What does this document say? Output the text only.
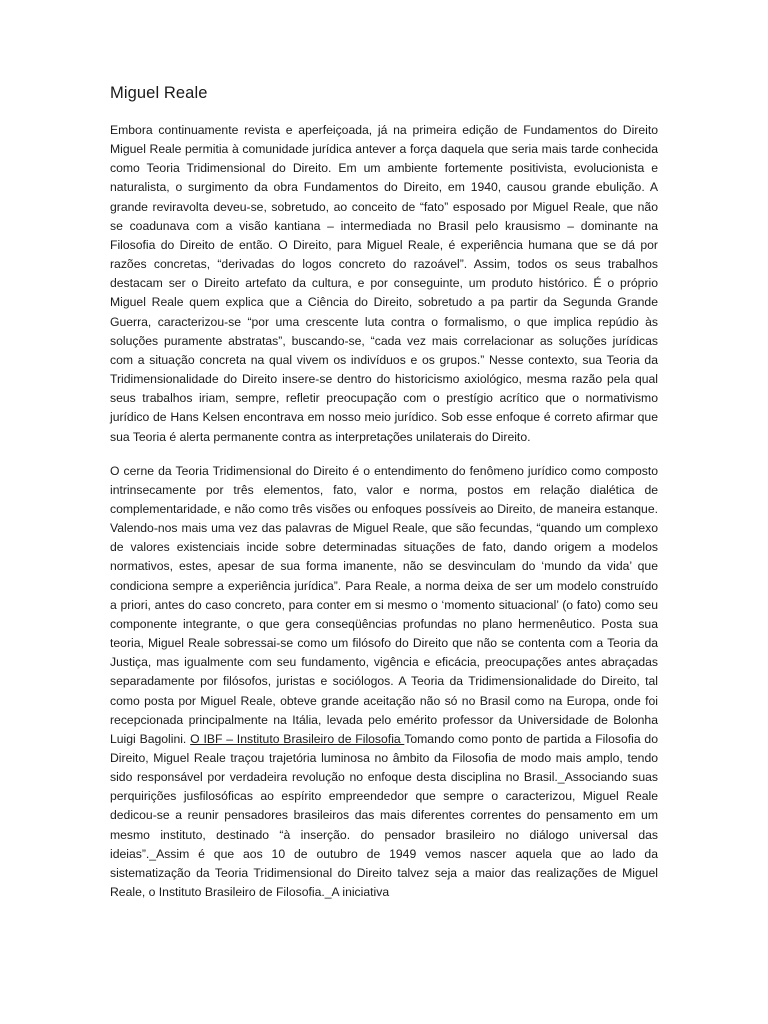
Miguel Reale

Embora continuamente revista e aperfeiçoada, já na primeira edição de Fundamentos do Direito Miguel Reale permitia à comunidade jurídica antever a força daquela que seria mais tarde conhecida como Teoria Tridimensional do Direito. Em um ambiente fortemente positivista, evolucionista e naturalista, o surgimento da obra Fundamentos do Direito, em 1940, causou grande ebulição. A grande reviravolta deveu-se, sobretudo, ao conceito de “fato” esposado por Miguel Reale, que não se coadunava com a visão kantiana – intermediada no Brasil pelo krausismo – dominante na Filosofia do Direito de então. O Direito, para Miguel Reale, é experiência humana que se dá por razões concretas, “derivadas do logos concreto do razoável”. Assim, todos os seus trabalhos destacam ser o Direito artefato da cultura, e por conseguinte, um produto histórico. É o próprio Miguel Reale quem explica que a Ciência do Direito, sobretudo a pa partir da Segunda Grande Guerra, caracterizou-se “por uma crescente luta contra o formalismo, o que implica repúdio às soluções puramente abstratas”, buscando-se, “cada vez mais correlacionar as soluções jurídicas com a situação concreta na qual vivem os indivíduos e os grupos.” Nesse contexto, sua Teoria da Tridimensionalidade do Direito insere-se dentro do historicismo axiológico, mesma razão pela qual seus trabalhos iriam, sempre, refletir preocupação com o prestígio acrítico que o normativismo jurídico de Hans Kelsen encontrava em nosso meio jurídico. Sob esse enfoque é correto afirmar que sua Teoria é alerta permanente contra as interpretações unilaterais do Direito.

O cerne da Teoria Tridimensional do Direito é o entendimento do fenômeno jurídico como composto intrinsecamente por três elementos, fato, valor e norma, postos em relação dialética de complementaridade, e não como três visões ou enfoques possíveis ao Direito, de maneira estanque. Valendo-nos mais uma vez das palavras de Miguel Reale, que são fecundas, “quando um complexo de valores existenciais incide sobre determinadas situações de fato, dando origem a modelos normativos, estes, apesar de sua forma imanente, não se desvinculam do ‘mundo da vida’ que condiciona sempre a experiência jurídica”. Para Reale, a norma deixa de ser um modelo construído a priori, antes do caso concreto, para conter em si mesmo o ‘momento situacional’ (o fato) como seu componente integrante, o que gera conseqüências profundas no plano hermenêutico. Posta sua teoria, Miguel Reale sobressai-se como um filósofo do Direito que não se contenta com a Teoria da Justiça, mas igualmente com seu fundamento, vigência e eficácia, preocupações antes abraçadas separadamente por filósofos, juristas e sociólogos. A Teoria da Tridimensionalidade do Direito, tal como posta por Miguel Reale, obteve grande aceitação não só no Brasil como na Europa, onde foi recepcionada principalmente na Itália, levada pelo emérito professor da Universidade de Bolonha Luigi Bagolini. O IBF – Instituto Brasileiro de Filosofia Tomando como ponto de partida a Filosofia do Direito, Miguel Reale traçou trajetória luminosa no âmbito da Filosofia de modo mais amplo, tendo sido responsável por verdadeira revolução no enfoque desta disciplina no Brasil._Associando suas perquirições jusfilosóficas ao espírito empreendedor que sempre o caracterizou, Miguel Reale dedicou-se a reunir pensadores brasileiros das mais diferentes correntes do pensamento em um mesmo instituto, destinado “à inserção. do pensador brasileiro no diálogo universal das ideias”._Assim é que aos 10 de outubro de 1949 vemos nascer aquela que ao lado da sistematização da Teoria Tridimensional do Direito talvez seja a maior das realizações de Miguel Reale, o Instituto Brasileiro de Filosofia._A iniciativa
